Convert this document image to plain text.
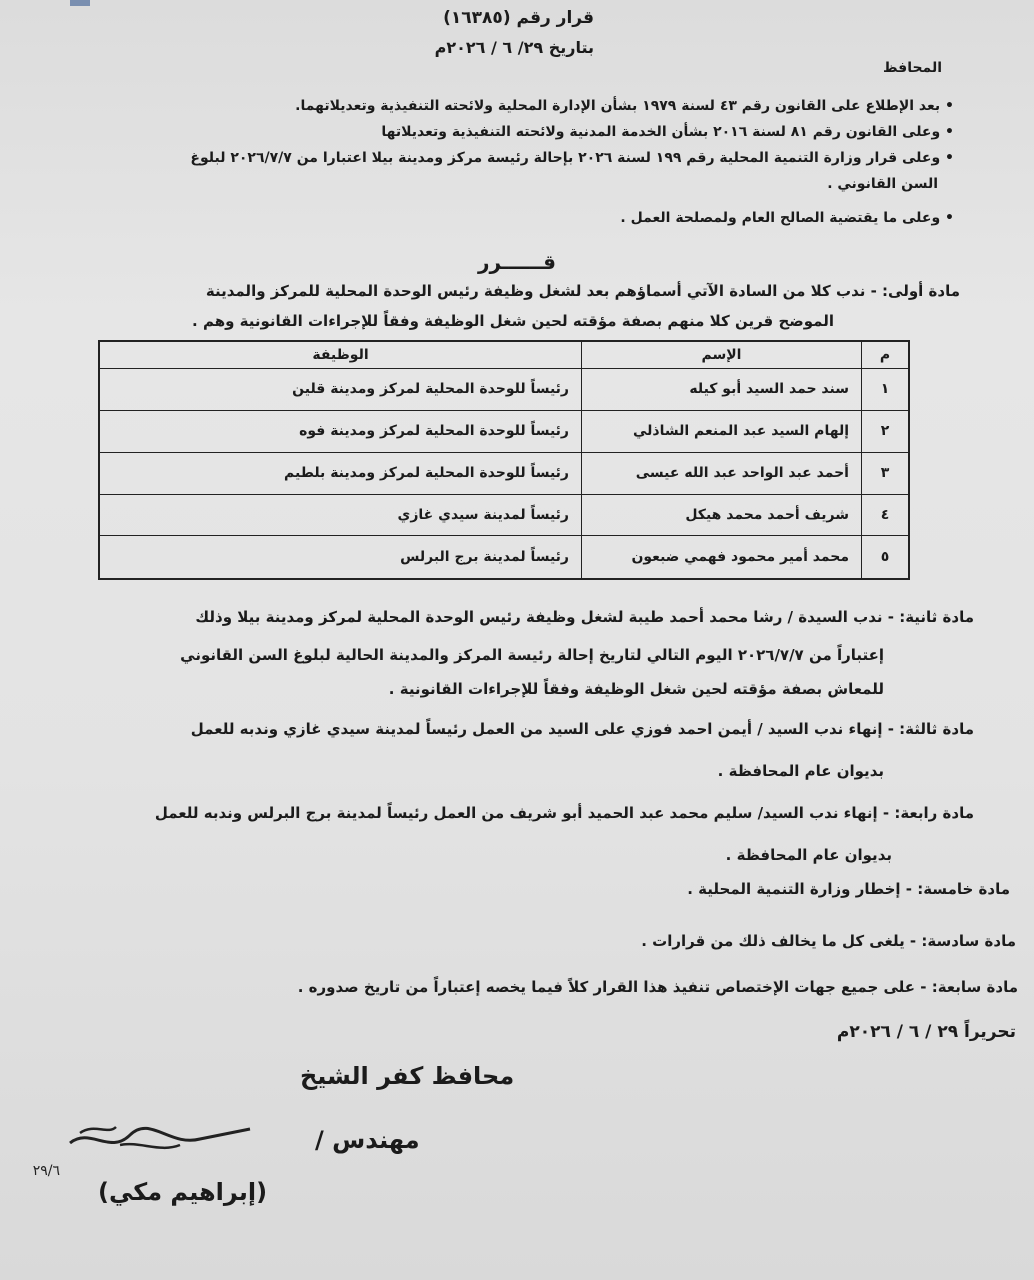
قرار رقم (١٦٣٨٥)
بتاريخ ٢٩/ ٦ / ٢٠٢٦م
المحافظ
• بعد الإطلاع على القانون رقم ٤٣ لسنة ١٩٧٩ بشأن الإدارة المحلية ولائحته التنفيذية وتعديلاتهما.
• وعلى القانون رقم ٨١ لسنة ٢٠١٦ بشأن الخدمة المدنية ولائحته التنفيذية وتعديلاتها
• وعلى قرار وزارة التنمية المحلية رقم ١٩٩ لسنة ٢٠٢٦ بإحالة رئيسة مركز ومدينة بيلا اعتبارا من ٢٠٢٦/٧/٧ لبلوغ
السن القانوني .
• وعلى ما يقتضية الصالح العام ولمصلحة العمل .
قــــــرر
مادة أولى: - ندب كلا من السادة الآتي أسماؤهم بعد لشغل وظيفة رئيس الوحدة المحلية للمركز والمدينة
الموضح قرين كلا منهم بصفة مؤقته لحين شغل الوظيفة وفقاً للإجراءات القانونية وهم .
م	الإسم	الوظيفة
١	سند حمد السيد أبو كيله	رئيساً للوحدة المحلية لمركز ومدينة قلين
٢	إلهام السيد عبد المنعم الشاذلي	رئيساً للوحدة المحلية لمركز ومدينة فوه
٣	أحمد عبد الواحد عبد الله عيسى	رئيساً للوحدة المحلية لمركز ومدينة بلطيم
٤	شريف أحمد محمد هيكل	رئيساً لمدينة سيدي غازي
٥	محمد أمير محمود فهمي ضبعون	رئيساً لمدينة برج البرلس
مادة ثانية: - ندب السيدة / رشا محمد أحمد طيبة لشغل وظيفة رئيس الوحدة المحلية لمركز ومدينة بيلا وذلك
إعتباراً من ٢٠٢٦/٧/٧ اليوم التالي لتاريخ إحالة رئيسة المركز والمدينة الحالية لبلوغ السن القانوني
للمعاش بصفة مؤقته لحين شغل الوظيفة وفقاً للإجراءات القانونية .
مادة ثالثة: - إنهاء ندب السيد / أيمن احمد فوزي على السيد من العمل رئيساً لمدينة سيدي غازي وندبه للعمل
بديوان عام المحافظة .
مادة رابعة: - إنهاء ندب السيد/ سليم محمد عبد الحميد أبو شريف من العمل رئيساً لمدينة برج البرلس وندبه للعمل
بديوان عام المحافظة .
مادة خامسة: - إخطار وزارة التنمية المحلية .
مادة سادسة: - يلغى كل ما يخالف ذلك من قرارات .
مادة سابعة: - على جميع جهات الإختصاص تنفيذ هذا القرار كلاً فيما يخصه إعتباراً من تاريخ صدوره .
تحريراً ٢٩ / ٦ / ٢٠٢٦م
محافظ كفر الشيخ
مهندس /
٢٩/٦
(إبراهيم مكي)
